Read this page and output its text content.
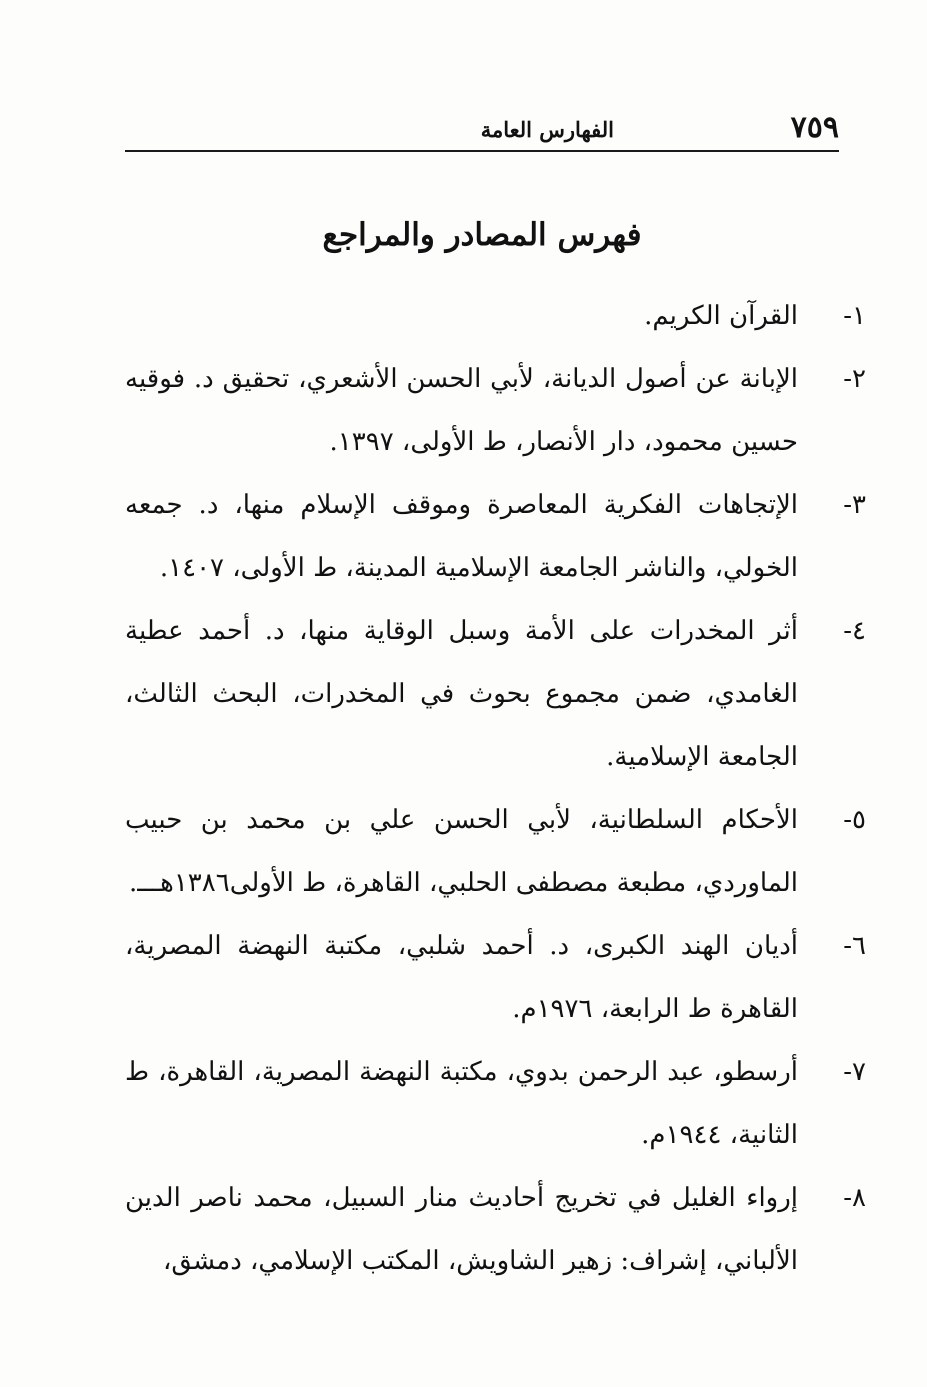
٧٥٩
الفهارس العامة
فهرس المصادر والمراجع

١-
القرآن الكريم.

٢-
الإبانة عن أصول الديانة، لأبي الحسن الأشعري، تحقيق د. فوقيه حسين محمود، دار الأنصار، ط الأولى، ١٣٩٧.

٣-
الإتجاهات الفكرية المعاصرة وموقف الإسلام منها، د. جمعه الخولي، والناشر الجامعة الإسلامية المدينة، ط الأولى، ١٤٠٧.

٤-
أثر المخدرات على الأمة وسبل الوقاية منها، د. أحمد عطية الغامدي، ضمن مجموع بحوث في المخدرات، البحث الثالث، الجامعة الإسلامية.

٥-
الأحكام السلطانية، لأبي الحسن علي بن محمد بن حبيب الماوردي، مطبعة مصطفى الحلبي، القاهرة، ط الأولى١٣٨٦هـــ.

٦-
أديان الهند الكبرى، د. أحمد شلبي، مكتبة النهضة المصرية، القاهرة ط الرابعة، ١٩٧٦م.

٧-
أرسطو، عبد الرحمن بدوي، مكتبة النهضة المصرية، القاهرة، ط الثانية، ١٩٤٤م.

٨-
إرواء الغليل في تخريج أحاديث منار السبيل، محمد ناصر الدين الألباني، إشراف: زهير الشاويش، المكتب الإسلامي، دمشق،
